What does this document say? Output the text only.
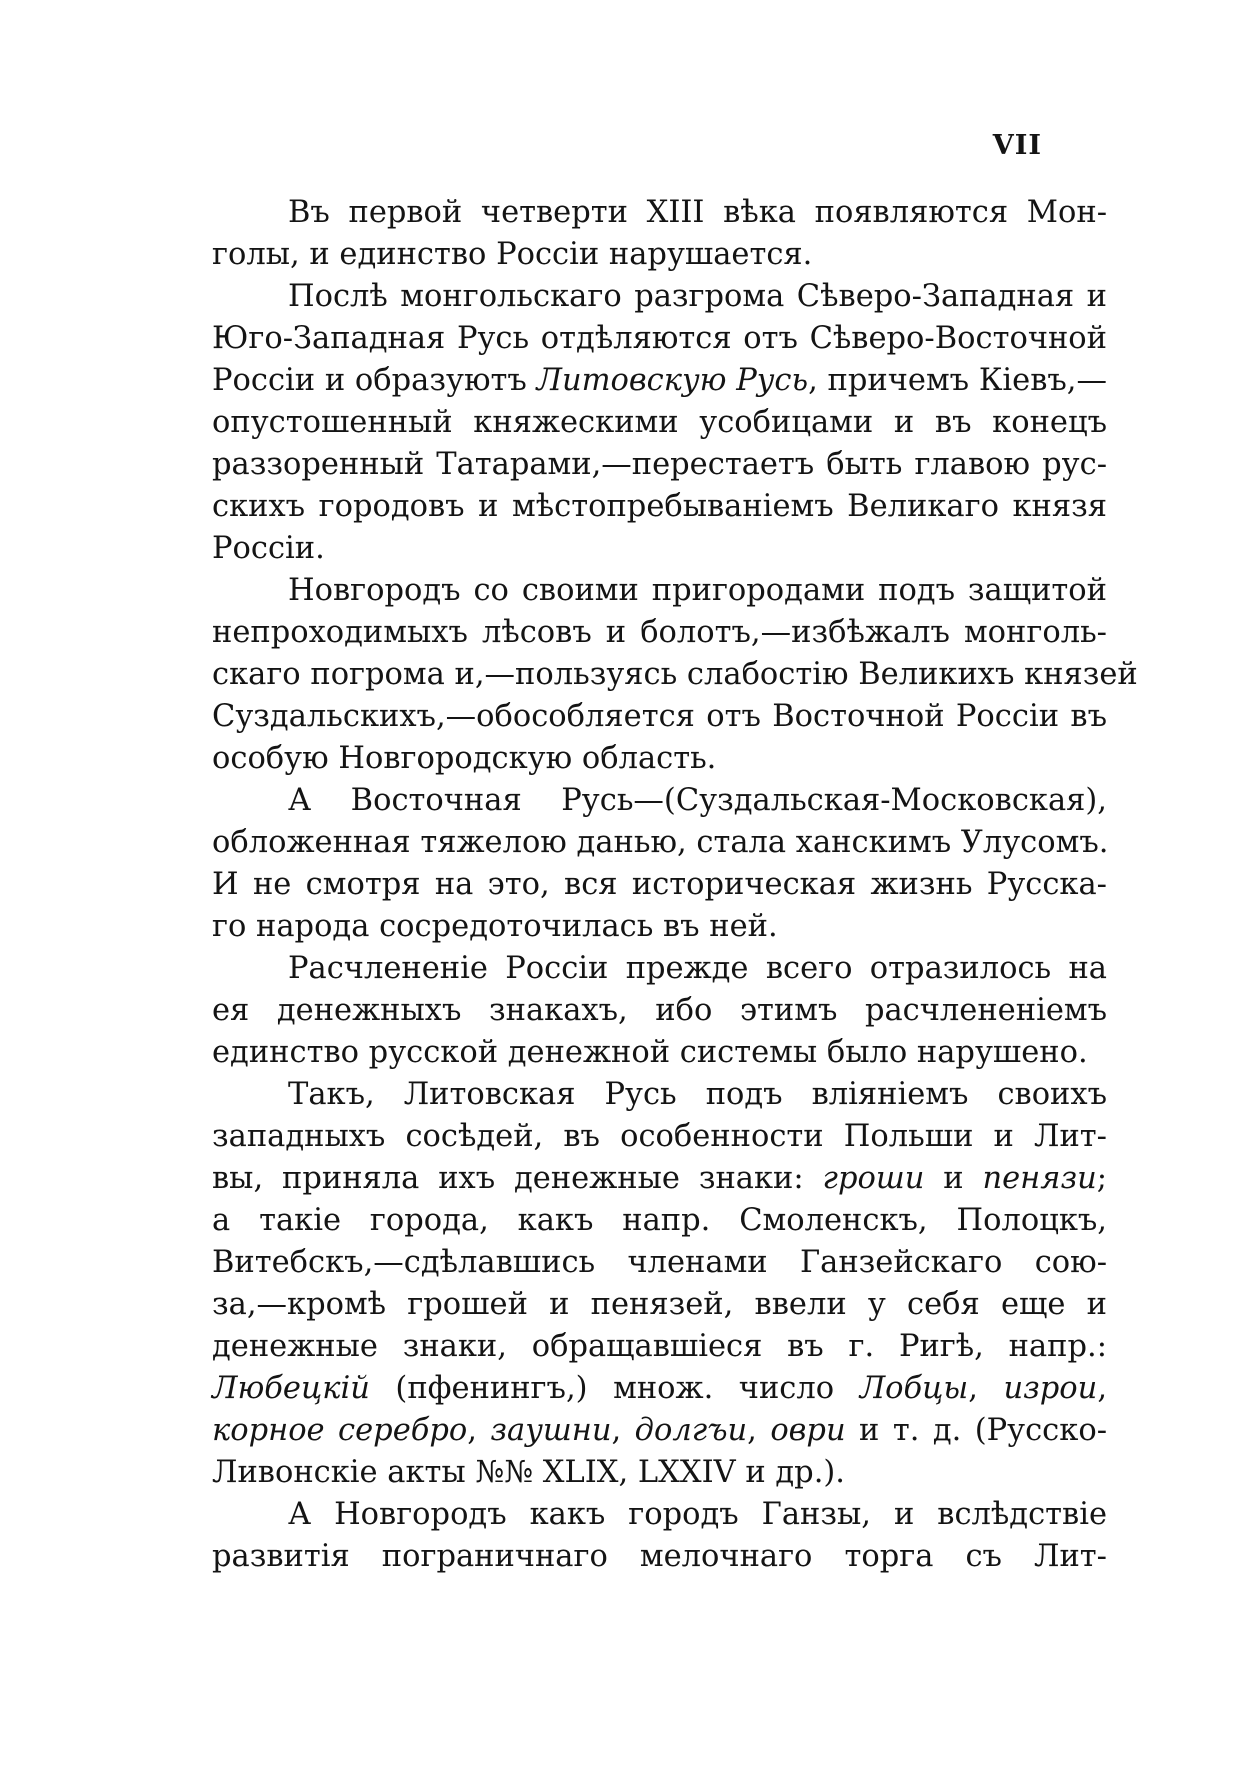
VII

Въ первой четверти XIII вѣка появляются Мон-
голы, и единство Россіи нарушается.

Послѣ монгольскаго разгрома Сѣверо-Западная и
Юго-Западная Русь отдѣляются отъ Сѣверо-Восточной
Россіи и образуютъ Литовскую Русь, причемъ Кіевъ,—
опустошенный княжескими усобицами и въ конецъ
раззоренный Татарами,—перестаетъ быть главою рус-
скихъ городовъ и мѣстопребываніемъ Великаго князя
Россіи.

Новгородъ со своими пригородами подъ защитой
непроходимыхъ лѣсовъ и болотъ,—избѣжалъ монголь-
скаго погрома и,—пользуясь слабостію Великихъ князей
Суздальскихъ,—обособляется отъ Восточной Россіи въ
особую Новгородскую область.

А Восточная Русь—(Суздальская-Московская),
обложенная тяжелою данью, стала ханскимъ Улусомъ.
И не смотря на это, вся историческая жизнь Русска-
го народа сосредоточилась въ ней.

Расчлененіе Россіи прежде всего отразилось на
ея денежныхъ знакахъ, ибо этимъ расчлененіемъ
единство русской денежной системы было нарушено.

Такъ, Литовская Русь подъ вліяніемъ своихъ
западныхъ сосѣдей, въ особенности Польши и Лит-
вы, приняла ихъ денежные знаки: гроши и пенязи;
а такіе города, какъ напр. Смоленскъ, Полоцкъ,
Витебскъ,—сдѣлавшись членами Ганзейскаго сою-
за,—кромѣ грошей и пенязей, ввели у себя еще и
денежные знаки, обращавшіеся въ г. Ригѣ, напр.:
Любецкій (пфенингъ,) множ. число Лобцы, изрои,
корное серебро, заушни, долгъи, оври и т. д. (Русско-
Ливонскіе акты №№ XLIX, LXXIV и др.).

А Новгородъ какъ городъ Ганзы, и вслѣдствіе
развитія пограничнаго мелочнаго торга съ Лит-
